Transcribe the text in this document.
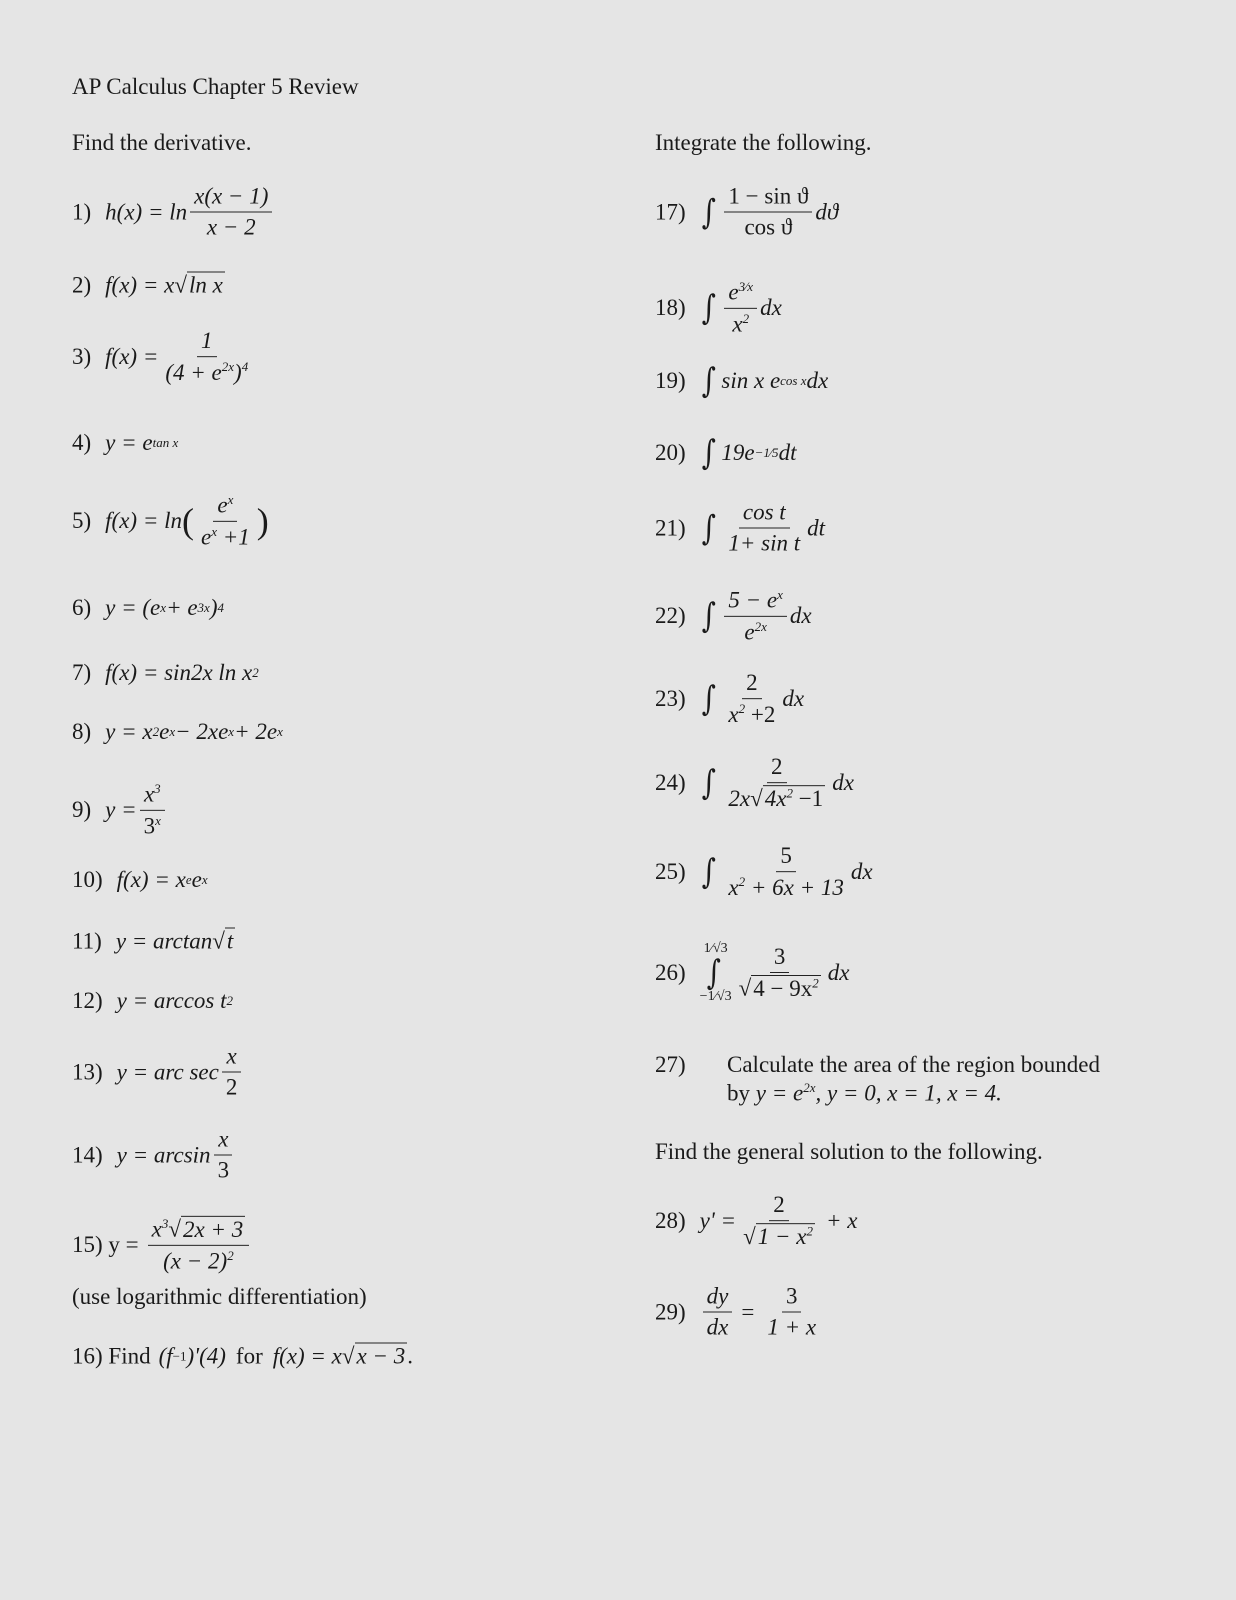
AP Calculus Chapter 5 Review
Find the derivative.	Integrate the following.
Find the general solution to the following.
1) $h(x) = \ln \frac{x(x - 1)}{x - 2}$
2) f(x) = x √ ln x
3) $f(x) = \frac{1}{(4 + e^{2x})^4}$
4) y = e tan x
5) f(x) = ln ( $\frac{e^x}{e^x +1}$ )
6) y = (e x + e 3x ) 4
7) f(x) = sin2x ln x 2
8) y = x 2 e x − 2xe x + 2e x
9) $y = \frac{x^3}{3^x}$
10) f(x) = x e e x
11) y = arctan √ t
12) y = arccos t 2
13) y = arc $\sec \frac{x}{2}$
14) $y = \arcsin \frac{x}{3}$
15) $y = \frac{x^3√2x + 3}{(x - 2)^2}$
(use logarithmic differentiation)
16) Find (f −1 )'(4) for f(x) = x √ x − 3 .
17) ∫ $\frac{\text{1 − sin ϑ}}{\text{cos ϑ}}$ dϑ
18) ∫ $\frac{e^{3⁄x}}{x^2}$ dx
19) ∫ sin x e cos x dx
20) ∫ 19e −1⁄5 dt
21) ∫ $\frac{\text{cos t}}{\text{1+ sin t}}$ dt
22) ∫ $\frac{5 - e^x}{e^{2x}}$ dx
23) ∫ $\frac{2}{x^2 +2}$ dx
24) ∫ $\frac{2}{2x√4x^2 -1}$ dx
25) ∫ $\frac{5}{x^2 + 6x + 13}$ dx
26)
1⁄√3
∫
−1⁄√3 $\frac{3}{√4 - 9x^2}$ dx
27) Calculate the area of the region bounded
by $y = e^{2x}$, y = 0, x = 1, x = 4.
28) $y' = \frac{2}{√1 - x^2} + x$
$29) \frac{dy}{dx} = \frac{3}{1 + x}$
